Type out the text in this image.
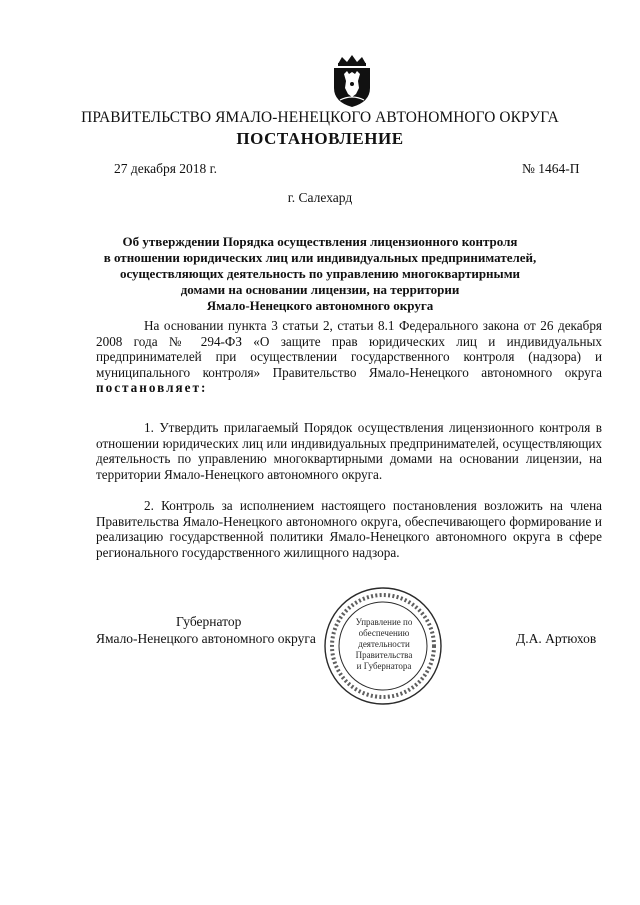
ПРАВИТЕЛЬСТВО ЯМАЛО-НЕНЕЦКОГО АВТОНОМНОГО ОКРУГА
ПОСТАНОВЛЕНИЕ
27 декабря 2018 г.	№ 1464-П
г. Салехард
Об утверждении Порядка осуществления лицензионного контроля
в отношении юридических лиц или индивидуальных предпринимателей,
осуществляющих деятельность по управлению многоквартирными
домами на основании лицензии, на территории
Ямало-Ненецкого автономного округа

На основании пункта 3 статьи 2, статьи 8.1 Федерального закона от 26 декабря 2008 года № 294-ФЗ «О защите прав юридических лиц и индивидуальных предпринимателей при осуществлении государственного контроля (надзора) и муниципального контроля» Правительство Ямало-Ненецкого автономного округа постановляет:

1. Утвердить прилагаемый Порядок осуществления лицензионного контроля в отношении юридических лиц или индивидуальных предпринимателей, осуществляющих деятельность по управлению многоквартирными домами на основании лицензии, на территории Ямало-Ненецкого автономного округа.

2. Контроль за исполнением настоящего постановления возложить на члена Правительства Ямало-Ненецкого автономного округа, обеспечивающего формирование и реализацию государственной политики Ямало-Ненецкого автономного округа в сфере регионального государственного жилищного надзора.

Губернатор
Ямало-Ненецкого автономного округа	Д.А. Артюхов
Управление по
обеспечению
деятельности
Правительства
и Губернатора
